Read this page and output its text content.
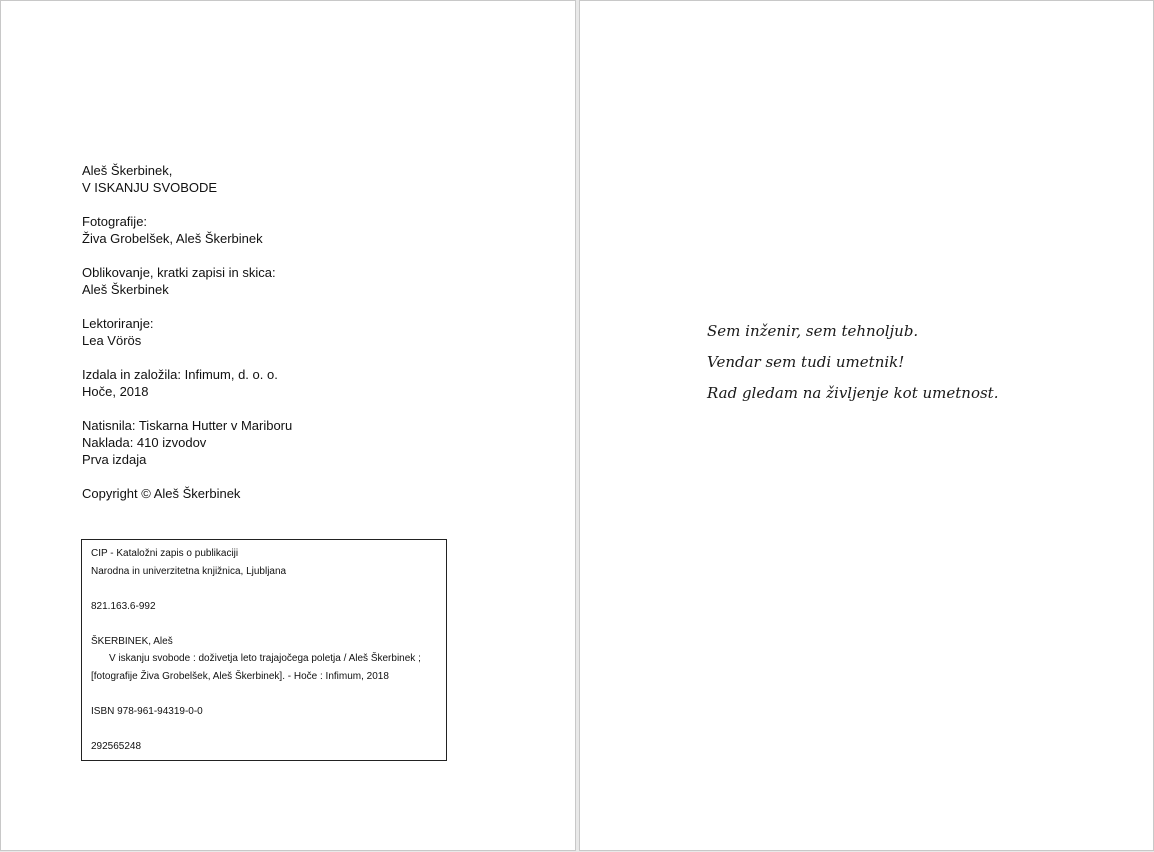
Aleš Škerbinek,
V ISKANJU SVOBODE
Fotografije:
Živa Grobelšek, Aleš Škerbinek
Oblikovanje, kratki zapisi in skica:
Aleš Škerbinek
Lektoriranje:
Lea Vörös
Izdala in založila: Infimum, d. o. o.
Hoče, 2018
Natisnila: Tiskarna Hutter v Mariboru
Naklada: 410 izvodov
Prva izdaja
Copyright © Aleš Škerbinek
CIP - Kataložni zapis o publikaciji
Narodna in univerzitetna knjižnica, Ljubljana
821.163.6-992
ŠKERBINEK, Aleš
V iskanju svobode : doživetja leto trajajočega poletja / Aleš Škerbinek ;
[fotografije Živa Grobelšek, Aleš Škerbinek]. - Hoče : Infimum, 2018
ISBN 978-961-94319-0-0
292565248
Sem inženir, sem tehnoljub.
Vendar sem tudi umetnik!
Rad gledam na življenje kot umetnost.
